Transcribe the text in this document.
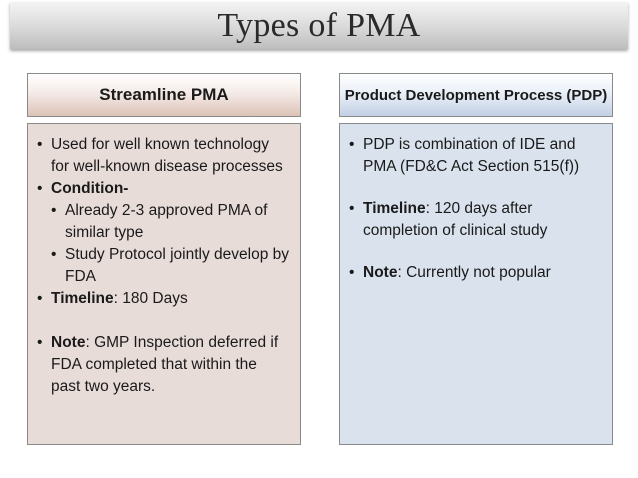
Types of PMA
Streamline PMA
• Used for well known technology for well-known disease processes
• Condition-
• Already 2-3 approved PMA of similar type
• Study Protocol jointly develop by FDA
• Timeline: 180 Days
• Note: GMP Inspection deferred if FDA completed that within the past two years.
Product Development Process (PDP)
• PDP is combination of IDE and PMA (FD&C Act Section 515(f))
• Timeline: 120 days after completion of clinical study
• Note: Currently not popular
